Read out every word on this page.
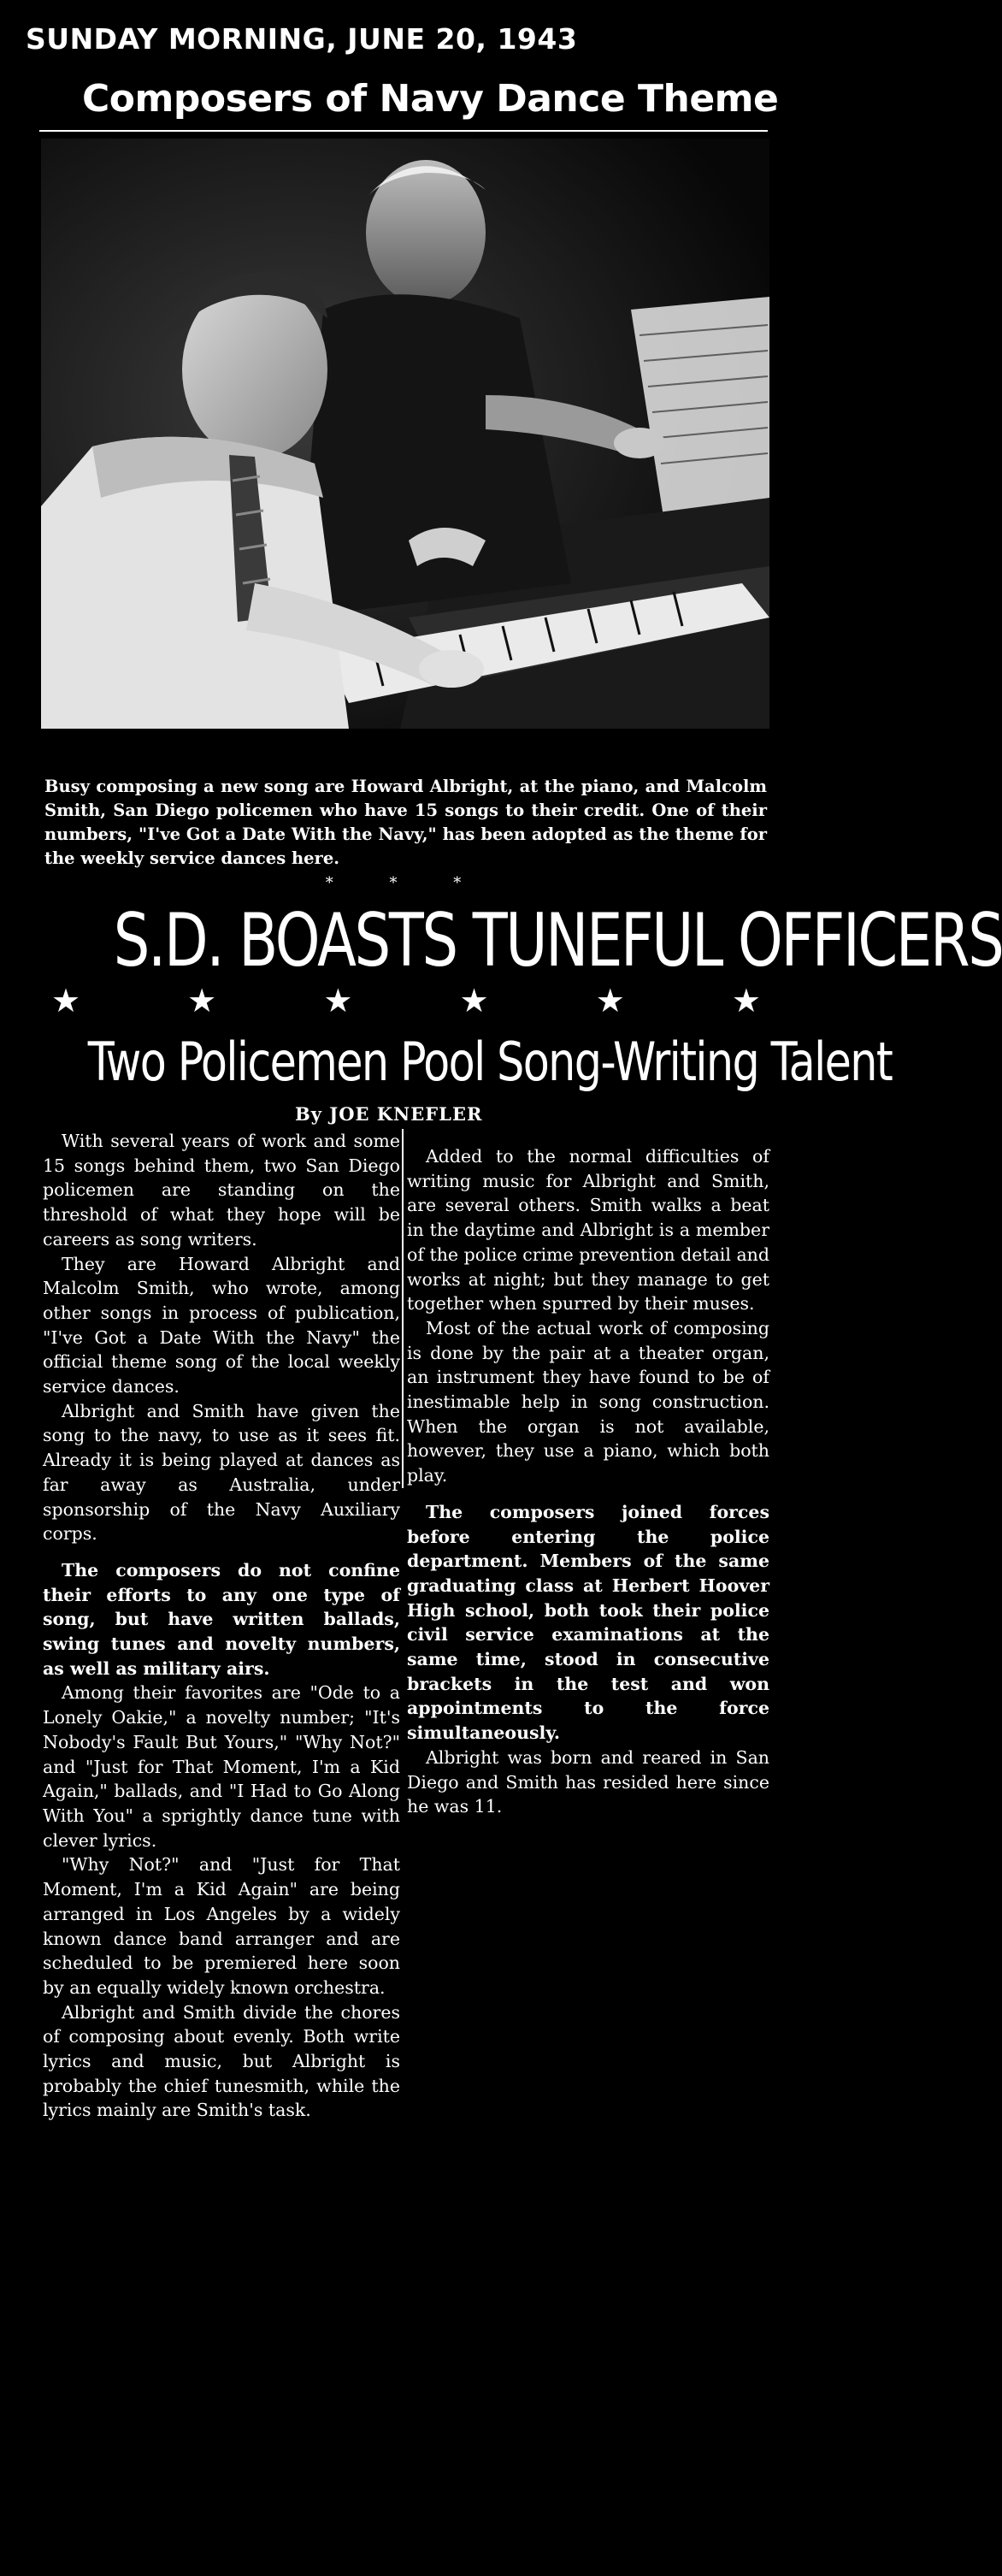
SUNDAY MORNING, JUNE 20, 1943
Composers of Navy Dance Theme
Busy composing a new song are Howard Albright, at the piano, and Malcolm Smith, San Diego policemen who have 15 songs to their credit. One of their numbers, "I've Got a Date With the Navy," has been adopted as the theme for the weekly service dances here.
* * *
S.D. BOASTS TUNEFUL OFFICERS
★	★	★	★	★	★
Two Policemen Pool Song-Writing Talent
By JOE KNEFLER

With several years of work and some 15 songs behind them, two San Diego policemen are standing on the threshold of what they hope will be careers as song writers.

They are Howard Albright and Malcolm Smith, who wrote, among other songs in process of publication, "I've Got a Date With the Navy" the official theme song of the local weekly service dances.

Albright and Smith have given the song to the navy, to use as it sees fit. Already it is being played at dances as far away as Australia, under sponsorship of the Navy Auxiliary corps.

The composers do not confine their efforts to any one type of song, but have written ballads, swing tunes and novelty numbers, as well as military airs.

Among their favorites are "Ode to a Lonely Oakie," a novelty number; "It's Nobody's Fault But Yours," "Why Not?" and "Just for That Moment, I'm a Kid Again," ballads, and "I Had to Go Along With You" a sprightly dance tune with clever lyrics.

"Why Not?" and "Just for That Moment, I'm a Kid Again" are being arranged in Los Angeles by a widely known dance band arranger and are scheduled to be premiered here soon by an equally widely known orchestra.

Albright and Smith divide the chores of composing about evenly. Both write lyrics and music, but Albright is probably the chief tunesmith, while the lyrics mainly are Smith's task.

Added to the normal difficulties of writing music for Albright and Smith, are several others. Smith walks a beat in the daytime and Albright is a member of the police crime prevention detail and works at night; but they manage to get together when spurred by their muses.

Most of the actual work of composing is done by the pair at a theater organ, an instrument they have found to be of inestimable help in song construction. When the organ is not available, however, they use a piano, which both play.

The composers joined forces before entering the police department. Members of the same graduating class at Herbert Hoover High school, both took their police civil service examinations at the same time, stood in consecutive brackets in the test and won appointments to the force simultaneously.

Albright was born and reared in San Diego and Smith has resided here since he was 11.
